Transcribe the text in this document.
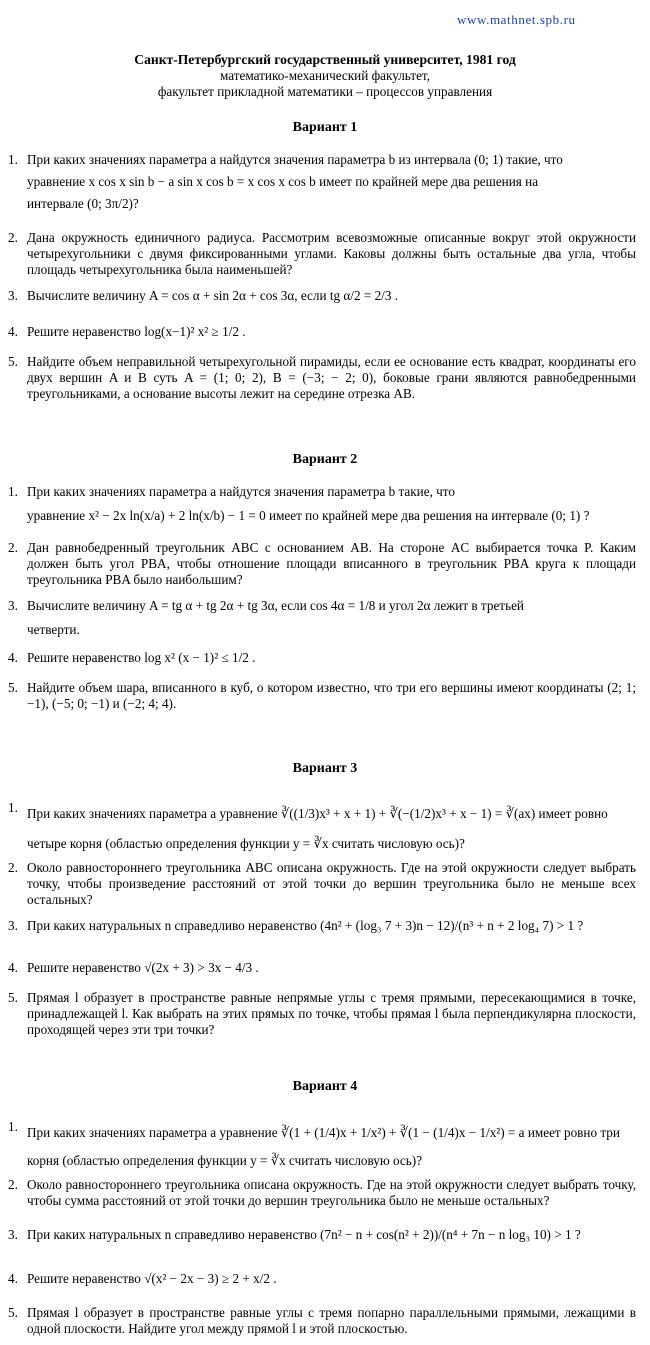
www.mathnet.spb.ru
Санкт-Петербургский государственный университет, 1981 год
математико-механический факультет,
факультет прикладной математики – процессов управления
Вариант 1
1. При каких значениях параметра a найдутся значения параметра b из интервала (0; 1) такие, что
уравнение x cos x sin b − a sin x cos b = x cos x cos b имеет по крайней мере два решения на
интервале (0; 3π/2)?
2. Дана окружность единичного радиуса. Рассмотрим всевозможные описанные вокруг этой окружности четырехугольники с двумя фиксированными углами. Каковы должны быть остальные два угла, чтобы площадь четырехугольника была наименьшей?
3. Вычислите величину A = cos α + sin 2α + cos 3α, если tg α/2 = 2/3 .
4. Решите неравенство log(x−1)² x² ≥ 1/2 .
5. Найдите объем неправильной четырехугольной пирамиды, если ее основание есть квадрат, координаты его двух вершин A и B суть A = (1; 0; 2), B = (−3; − 2; 0), боковые грани являются равнобедренными треугольниками, а основание высоты лежит на середине отрезка AB.
Вариант 2
1. При каких значениях параметра a найдутся значения параметра b такие, что
уравнение x² − 2x ln(x/a) + 2 ln(x/b) − 1 = 0 имеет по крайней мере два решения на интервале (0; 1) ?
2. Дан равнобедренный треугольник ABC с основанием AB. На стороне AC выбирается точка P. Каким должен быть угол PBA, чтобы отношение площади вписанного в треугольник PBA круга к площади треугольника PBA было наибольшим?
3. Вычислите величину A = tg α + tg 2α + tg 3α, если cos 4α = 1/8 и угол 2α лежит в третьей
четверти.
4. Решите неравенство log x² (x − 1)² ≤ 1/2 .
5. Найдите объем шара, вписанного в куб, о котором известно, что три его вершины имеют координаты (2; 1; −1), (−5; 0; −1) и (−2; 4; 4).
Вариант 3
1. При каких значениях параметра a уравнение ∛((1/3)x³ + x + 1) + ∛(−(1/2)x³ + x − 1) = ∛(ax) имеет ровно
четыре корня (областью определения функции y = ∛x считать числовую ось)?
2. Около равностороннего треугольника ABC описана окружность. Где на этой окружности следует выбрать точку, чтобы произведение расстояний от этой точки до вершин треугольника было не меньше всех остальных?
3. При каких натуральных n справедливо неравенство (4n² + (log₃ 7 + 3)n − 12)/(n³ + n + 2 log₄ 7) > 1 ?
4. Решите неравенство √(2x + 3) > 3x − 4/3 .
5. Прямая l образует в пространстве равные непрямые углы с тремя прямыми, пересекающимися в точке, принадлежащей l. Как выбрать на этих прямых по точке, чтобы прямая l была перпендикулярна плоскости, проходящей через эти три точки?
Вариант 4
1. При каких значениях параметра a уравнение ∛(1 + (1/4)x + 1/x²) + ∛(1 − (1/4)x − 1/x²) = a имеет ровно три
корня (областью определения функции y = ∛x считать числовую ось)?
2. Около равностороннего треугольника описана окружность. Где на этой окружности следует выбрать точку, чтобы сумма расстояний от этой точки до вершин треугольника было не меньше остальных?
3. При каких натуральных n справедливо неравенство (7n² − n + cos(n² + 2))/(n⁴ + 7n − n log₃ 10) > 1 ?
4. Решите неравенство √(x² − 2x − 3) ≥ 2 + x/2 .
5. Прямая l образует в пространстве равные углы с тремя попарно параллельными прямыми, лежащими в одной плоскости. Найдите угол между прямой l и этой плоскостью.
